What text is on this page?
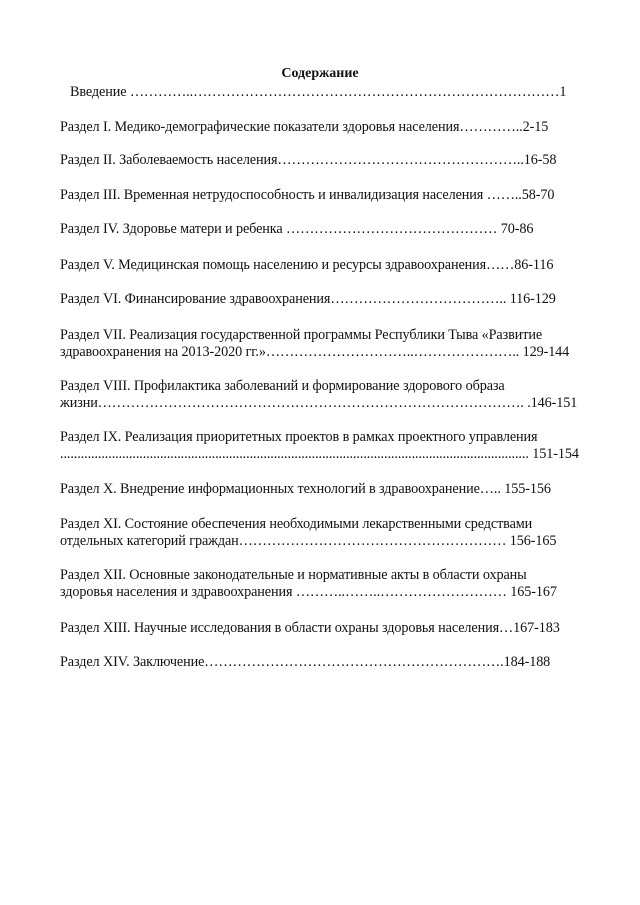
Содержание
Введение …………..……………………………………………………………………1
Раздел I. Медико-демографические показатели здоровья населения…………..2-15
Раздел II. Заболеваемость населения……………………………………………..16-58
Раздел III. Временная нетрудоспособность и инвалидизация населения ……..58-70
Раздел IV. Здоровье матери и ребенка ……………………………………… 70-86
Раздел V. Медицинская помощь населению и ресурсы здравоохранения……86-116
Раздел VI. Финансирование здравоохранения……………………………….. 116-129
Раздел VII. Реализация государственной программы Республики Тыва «Развитие
здравоохранения на 2013-2020 гг.»…………………………..………………….. 129-144
Раздел VIII. Профилактика заболеваний и формирование здорового образа
жизни………………………………………………………………………………. .146-151
Раздел IX. Реализация приоритетных проектов в рамках проектного управления
........................................................................................................................................ 151-154
Раздел X. Внедрение информационных технологий в здравоохранение….. 155-156
Раздел XI. Состояние обеспечения необходимыми лекарственными средствами
отдельных категорий граждан………………………………………………… 156-165
Раздел XII. Основные законодательные и нормативные акты в области охраны
здоровья населения и здравоохранения ………..……..……………………… 165-167
Раздел XIII. Научные исследования в области охраны здоровья населения…167-183
Раздел XIV. Заключение……………………………………………………….184-188
